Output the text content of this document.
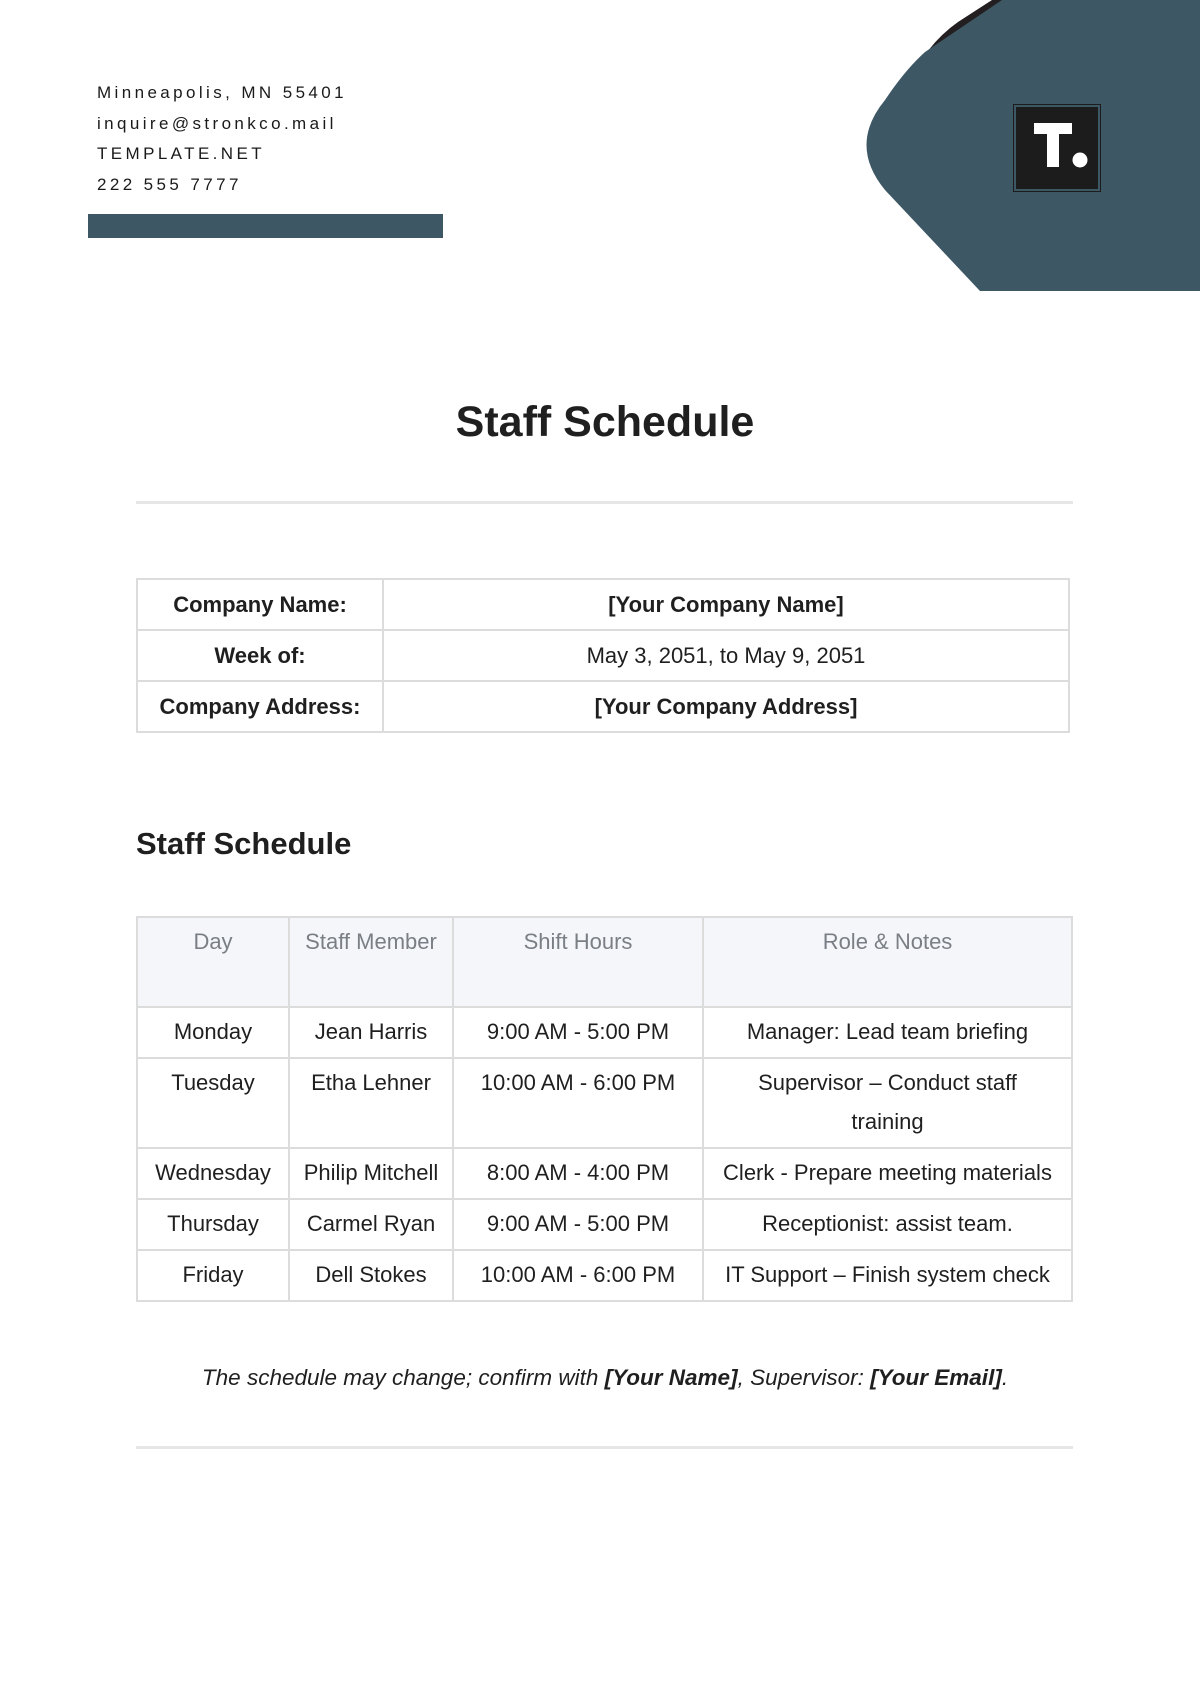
Minneapolis, MN 55401
inquire@stronkco.mail
TEMPLATE.NET
222 555 7777
Staff Schedule
Company Name:	[Your Company Name]
Week of:	May 3, 2051, to May 9, 2051
Company Address:	[Your Company Address]
Staff Schedule
Day	Staff Member	Shift Hours	Role & Notes
Monday	Jean Harris	9:00 AM - 5:00 PM	Manager: Lead team briefing
Tuesday	Etha Lehner	10:00 AM - 6:00 PM	Supervisor – Conduct staff training
Wednesday	Philip Mitchell	8:00 AM - 4:00 PM	Clerk - Prepare meeting materials
Thursday	Carmel Ryan	9:00 AM - 5:00 PM	Receptionist: assist team.
Friday	Dell Stokes	10:00 AM - 6:00 PM	IT Support – Finish system check

The schedule may change; confirm with [Your Name], Supervisor: [Your Email].
